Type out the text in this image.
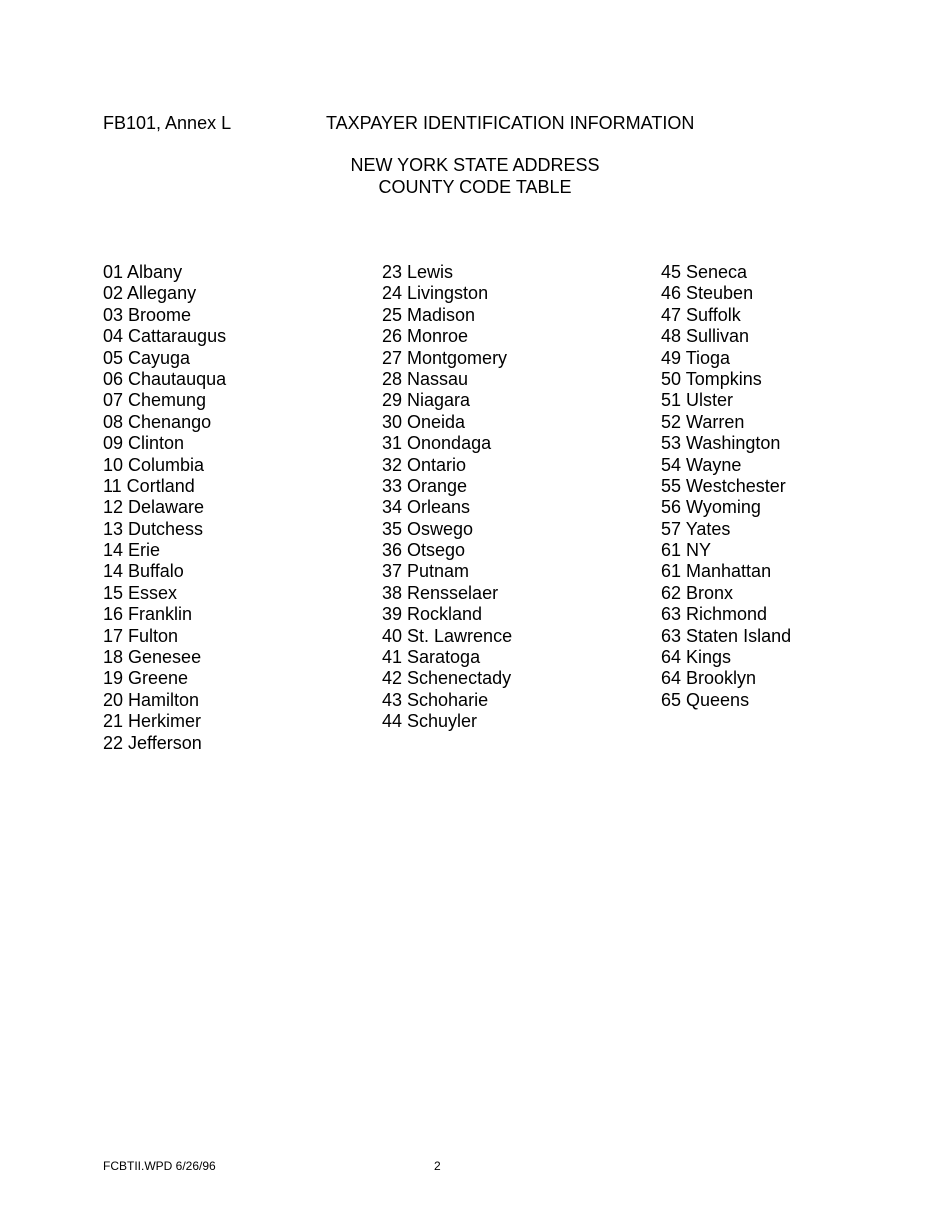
FB101, Annex L	TAXPAYER IDENTIFICATION INFORMATION
NEW YORK STATE ADDRESS
COUNTY CODE TABLE
01 Albany
02 Allegany
03 Broome
04 Cattaraugus
05 Cayuga
06 Chautauqua
07 Chemung
08 Chenango
09 Clinton
10 Columbia
11 Cortland
12 Delaware
13 Dutchess
14 Erie
14 Buffalo
15 Essex
16 Franklin
17 Fulton
18 Genesee
19 Greene
20 Hamilton
21 Herkimer
22 Jefferson
23 Lewis
24 Livingston
25 Madison
26 Monroe
27 Montgomery
28 Nassau
29 Niagara
30 Oneida
31 Onondaga
32 Ontario
33 Orange
34 Orleans
35 Oswego
36 Otsego
37 Putnam
38 Rensselaer
39 Rockland
40 St. Lawrence
41 Saratoga
42 Schenectady
43 Schoharie
44 Schuyler
45 Seneca
46 Steuben
47 Suffolk
48 Sullivan
49 Tioga
50 Tompkins
51 Ulster
52 Warren
53 Washington
54 Wayne
55 Westchester
56 Wyoming
57 Yates
61 NY
61 Manhattan
62 Bronx
63 Richmond
63 Staten Island
64 Kings
64 Brooklyn
65 Queens
FCBTII.WPD 6/26/96	2
